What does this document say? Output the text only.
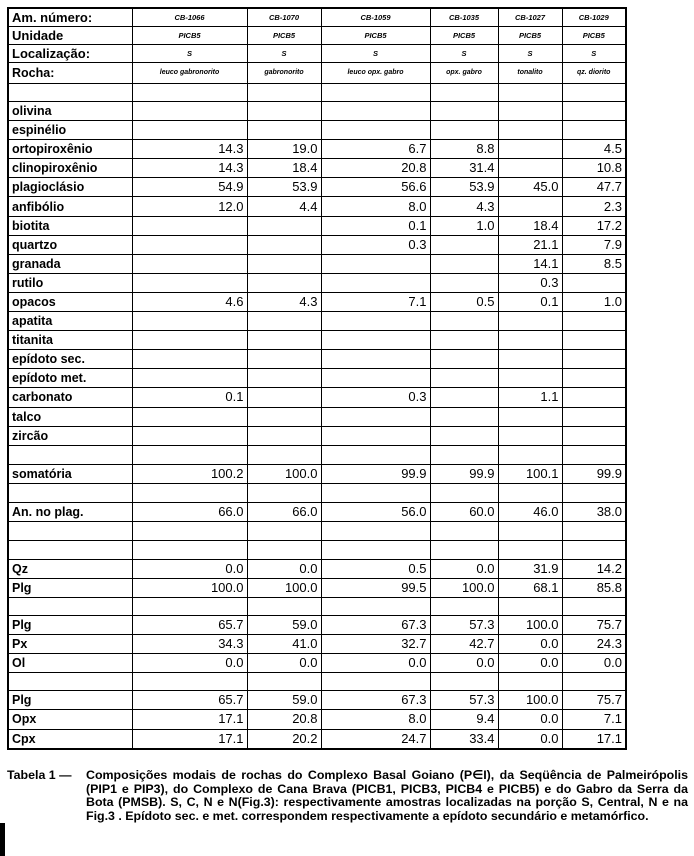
Am. número:	CB-1066	CB-1070	CB-1059	CB-1035	CB-1027	CB-1029
Unidade	PICB5	PICB5	PICB5	PICB5	PICB5	PICB5
Localização:	S	S	S	S	S	S
Rocha:	leuco gabronorito	gabronorito	leuco opx. gabro	opx. gabro	tonalito	qz. diorito

olivina						
espinélio						
ortopiroxênio	14.3	19.0	6.7	8.8		4.5
clinopiroxênio	14.3	18.4	20.8	31.4		10.8
plagioclásio	54.9	53.9	56.6	53.9	45.0	47.7
anfibólio	12.0	4.4	8.0	4.3		2.3
biotita			0.1	1.0	18.4	17.2
quartzo			0.3		21.1	7.9
granada					14.1	8.5
rutilo					0.3	
opacos	4.6	4.3	7.1	0.5	0.1	1.0
apatita						
titanita						
epídoto sec.						
epídoto met.						
carbonato	0.1		0.3		1.1	
talco						
zircão						

somatória	100.2	100.0	99.9	99.9	100.1	99.9

An. no plag.	66.0	66.0	56.0	60.0	46.0	38.0

Qz	0.0	0.0	0.5	0.0	31.9	14.2
Plg	100.0	100.0	99.5	100.0	68.1	85.8

Plg	65.7	59.0	67.3	57.3	100.0	75.7
Px	34.3	41.0	32.7	42.7	0.0	24.3
Ol	0.0	0.0	0.0	0.0	0.0	0.0

Plg	65.7	59.0	67.3	57.3	100.0	75.7
Opx	17.1	20.8	8.0	9.4	0.0	7.1
Cpx	17.1	20.2	24.7	33.4	0.0	17.1
Tabela 1 — Composições modais de rochas do Complexo Basal Goiano (P∈I), da Seqüência de Palmeirópolis (PIP1 e PIP3), do Complexo de Cana Brava (PICB1, PICB3, PICB4 e PICB5) e do Gabro da Serra da Bota (PMSB). S, C, N e N(Fig.3): respectivamente amostras localizadas na porção S, Central, N e na Fig.3 . Epídoto sec. e met. correspondem respectivamente a epídoto secundário e metamórfico.
